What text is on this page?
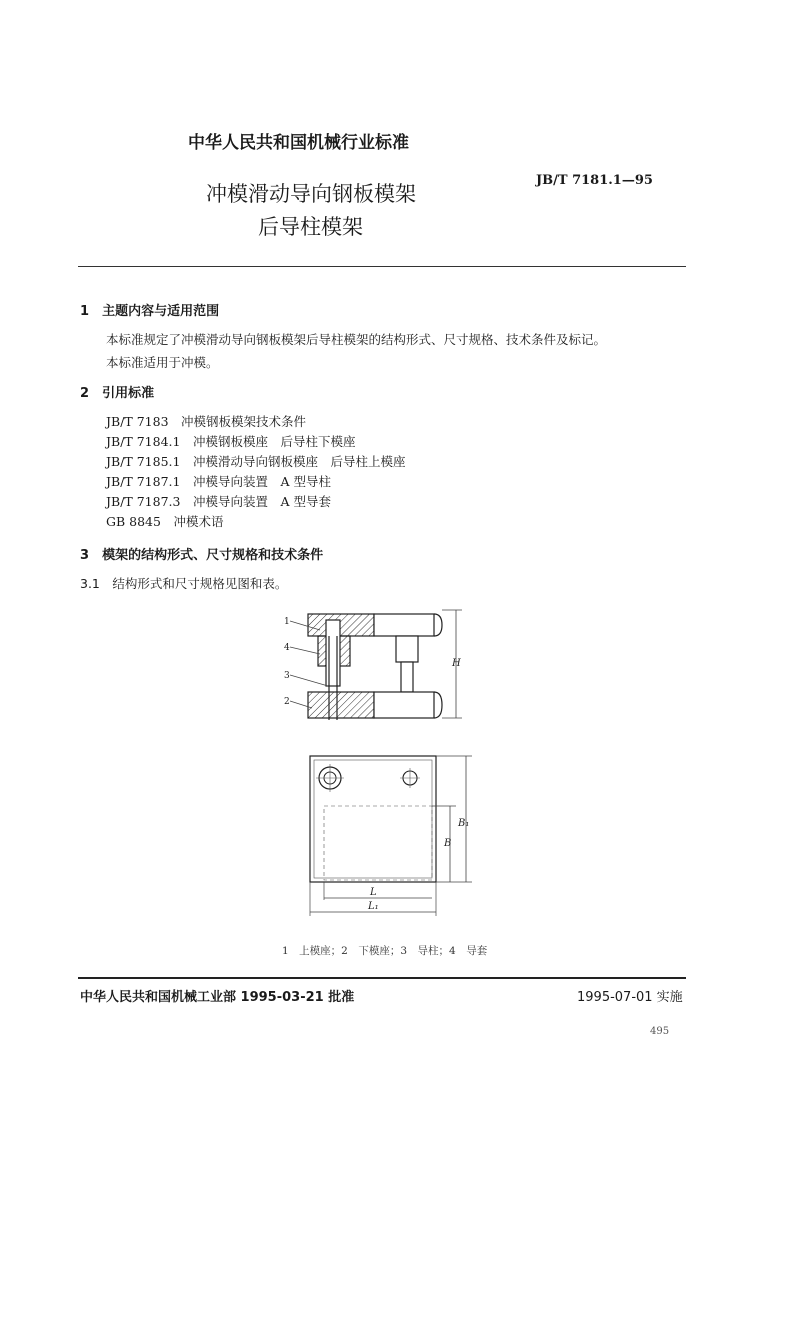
中华人民共和国机械行业标准
JB/T 7181.1—95
冲模滑动导向钢板模架
后导柱模架
1　 主题内容与适用范围
本标准规定了冲模滑动导向钢板模架后导柱模架的结构形式、尺寸规格、技术条件及标记。
本标准适用于冲模。
2　 引用标准
JB/T 7183　 冲模钢板模架技术条件
JB/T 7184.1　 冲模钢板模座　后导柱下模座
JB/T 7185.1　 冲模滑动导向钢板模座　后导柱上模座
JB/T 7187.1　 冲模导向装置　A 型导柱
JB/T 7187.3　 冲模导向装置　A 型导套
GB 8845　 冲模术语
3　 模架的结构形式、尺寸规格和技术条件
3.1　 结构形式和尺寸规格见图和表。
H
1
4
3
2
B
B₁
L
L₁
1　上模座；2　下模座；3　导柱；4　导套
中华人民共和国机械工业部 1995-03-21 批准	1995-07-01 实施
495
